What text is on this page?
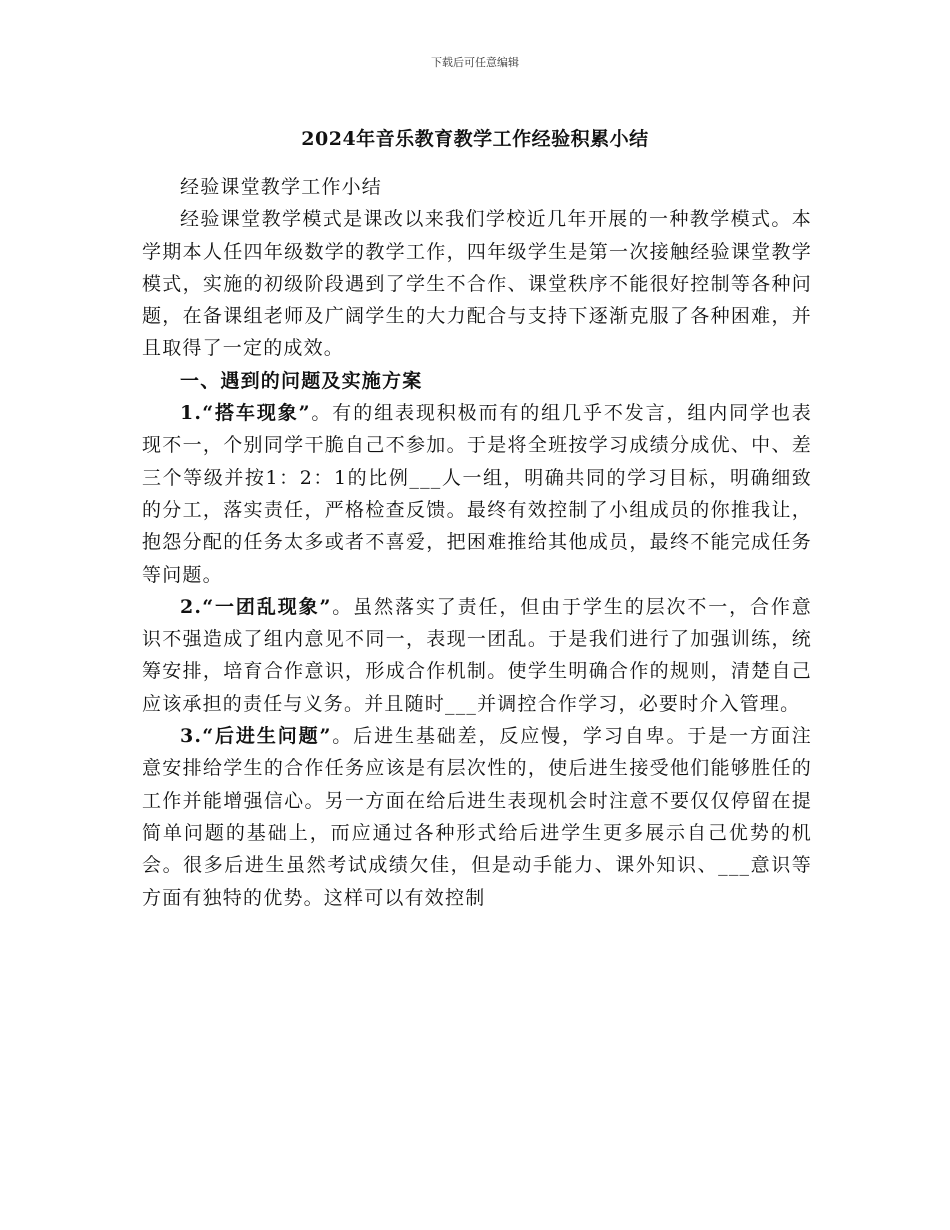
下载后可任意编辑
2024年音乐教育教学工作经验积累小结

经验课堂教学工作小结

经验课堂教学模式是课改以来我们学校近几年开展的一种教学模式。本学期本人任四年级数学的教学工作，四年级学生是第一次接触经验课堂教学模式，实施的初级阶段遇到了学生不合作、课堂秩序不能很好控制等各种问题，在备课组老师及广阔学生的大力配合与支持下逐渐克服了各种困难，并且取得了一定的成效。

一、遇到的问题及实施方案

1.“搭车现象”。有的组表现积极而有的组几乎不发言，组内同学也表现不一，个别同学干脆自己不参加。于是将全班按学习成绩分成优、中、差三个等级并按1：2：1的比例___人一组，明确共同的学习目标，明确细致的分工，落实责任，严格检查反馈。最终有效控制了小组成员的你推我让，抱怨分配的任务太多或者不喜爱，把困难推给其他成员，最终不能完成任务等问题。

2.“一团乱现象”。虽然落实了责任，但由于学生的层次不一，合作意识不强造成了组内意见不同一，表现一团乱。于是我们进行了加强训练，统筹安排，培育合作意识，形成合作机制。使学生明确合作的规则，清楚自己应该承担的责任与义务。并且随时___并调控合作学习，必要时介入管理。

3.“后进生问题”。后进生基础差，反应慢，学习自卑。于是一方面注意安排给学生的合作任务应该是有层次性的，使后进生接受他们能够胜任的工作并能增强信心。另一方面在给后进生表现机会时注意不要仅仅停留在提简单问题的基础上，而应通过各种形式给后进学生更多展示自己优势的机会。很多后进生虽然考试成绩欠佳，但是动手能力、课外知识、___意识等方面有独特的优势。这样可以有效控制
